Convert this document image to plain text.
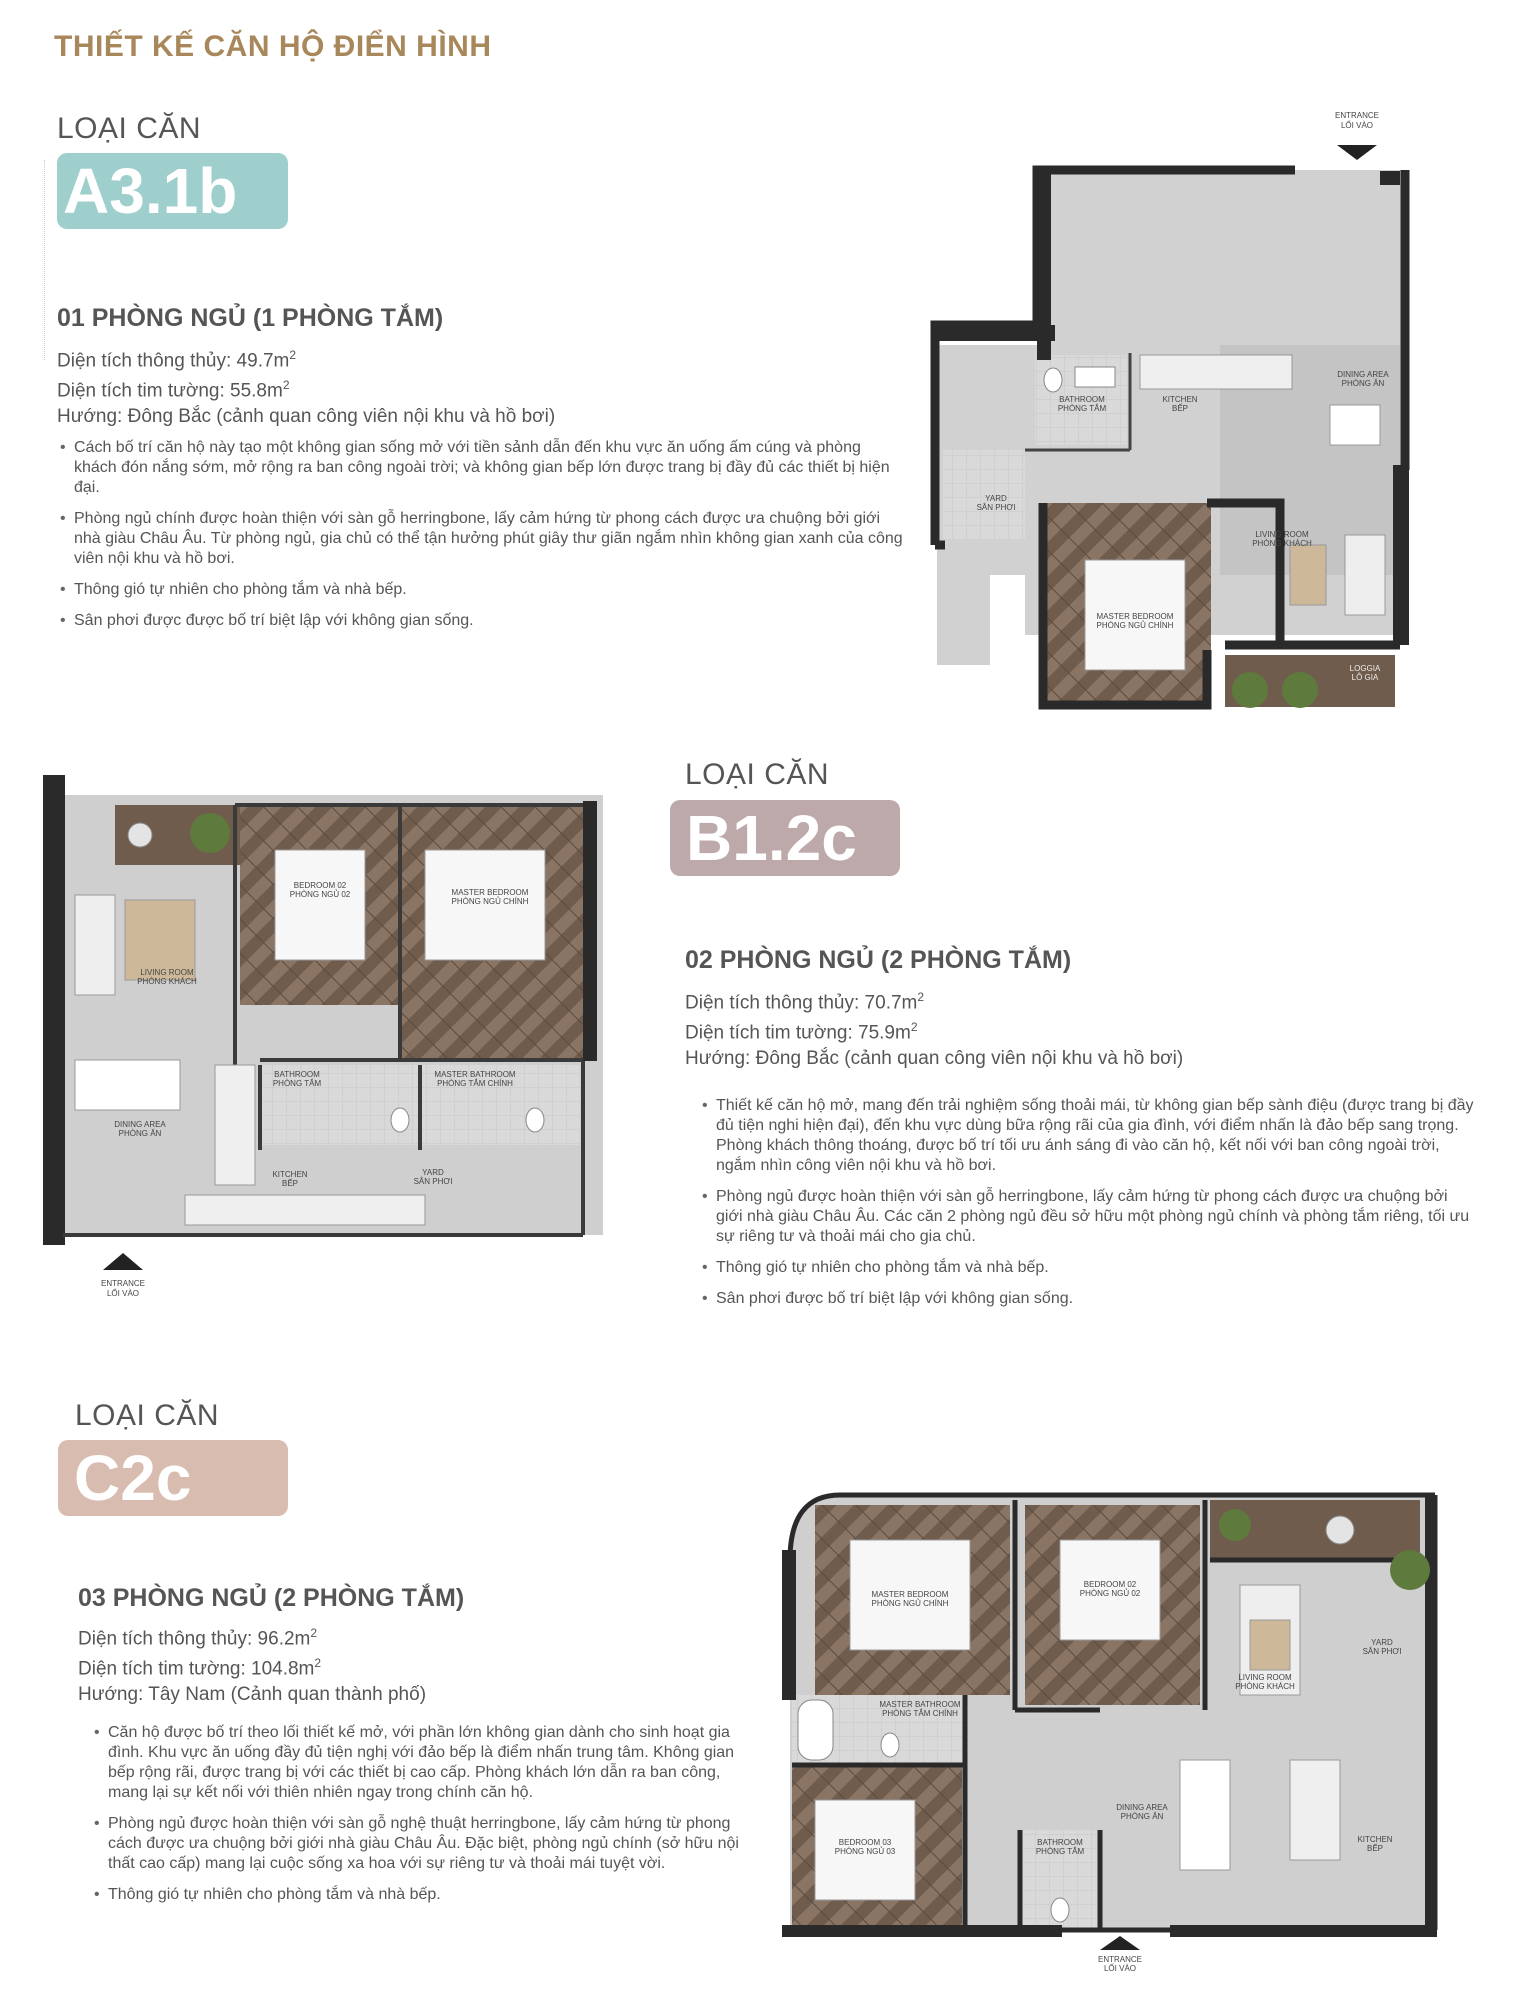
THIẾT KẾ CĂN HỘ ĐIỂN HÌNH
LOẠI CĂN
A3.1b
01 PHÒNG NGỦ (1 PHÒNG TẮM)
Diện tích thông thủy: $49.7m^2$
Diện tích tim tường: $55.8m^2$
Hướng: Đông Bắc (cảnh quan công viên nội khu và hồ bơi)
• Cách bố trí căn hộ này tạo một không gian sống mở với tiền sảnh dẫn đến khu vực ăn uống ấm cúng và phòng khách đón nắng sớm, mở rộng ra ban công ngoài trời; và không gian bếp lớn được trang bị đầy đủ các thiết bị hiện đại.
• Phòng ngủ chính được hoàn thiện với sàn gỗ herringbone, lấy cảm hứng từ phong cách được ưa chuộng bởi giới nhà giàu Châu Âu. Từ phòng ngủ, gia chủ có thể tận hưởng phút giây thư giãn ngắm nhìn không gian xanh của công viên nội khu và hồ bơi.
• Thông gió tự nhiên cho phòng tắm và nhà bếp.
• Sân phơi được được bố trí biệt lập với không gian sống.
ENTRANCE
LỐI VÀO
BATHROOM
PHÒNG TẮM
KITCHEN
BẾP
DINING AREA
PHÒNG ĂN
YARD
SÂN PHƠI
LIVING ROOM
PHÒNG KHÁCH
MASTER BEDROOM
PHÒNG NGỦ CHÍNH
LOGGIA
LÔ GIA
BEDROOM 02
PHÒNG NGỦ 02	MASTER BEDROOM
PHÒNG NGỦ CHÍNH
LIVING ROOM
PHÒNG KHÁCH
BATHROOM
PHÒNG TẮM
MASTER BATHROOM
PHÒNG TẮM CHÍNH
DINING AREA
PHÒNG ĂN
KITCHEN
BẾP
YARD
SÂN PHƠI
ENTRANCE
LỐI VÀO
LOẠI CĂN
B1.2c
02 PHÒNG NGỦ (2 PHÒNG TẮM)
Diện tích thông thủy: $70.7m^2$
Diện tích tim tường: $75.9m^2$
Hướng: Đông Bắc (cảnh quan công viên nội khu và hồ bơi)
• Thiết kế căn hộ mở, mang đến trải nghiệm sống thoải mái, từ không gian bếp sành điệu (được trang bị đầy đủ tiện nghi hiện đại), đến khu vực dùng bữa rộng rãi của gia đình, với điểm nhấn là đảo bếp sang trọng. Phòng khách thông thoáng, được bố trí tối ưu ánh sáng đi vào căn hộ, kết nối với ban công ngoài trời, ngắm nhìn công viên nội khu và hồ bơi.
• Phòng ngủ được hoàn thiện với sàn gỗ herringbone, lấy cảm hứng từ phong cách được ưa chuộng bởi giới nhà giàu Châu Âu. Các căn 2 phòng ngủ đều sở hữu một phòng ngủ chính và phòng tắm riêng, tối ưu sự riêng tư và thoải mái cho gia chủ.
• Thông gió tự nhiên cho phòng tắm và nhà bếp.
• Sân phơi được bố trí biệt lập với không gian sống.
LOẠI CĂN
C2c
03 PHÒNG NGỦ (2 PHÒNG TẮM)
Diện tích thông thủy: $96.2m^2$
Diện tích tim tường: $104.8m^2$
Hướng: Tây Nam (Cảnh quan thành phố)
• Căn hộ được bố trí theo lối thiết kế mở, với phần lớn không gian dành cho sinh hoạt gia đình. Khu vực ăn uống đầy đủ tiện nghị với đảo bếp là điểm nhấn trung tâm. Không gian bếp rộng rãi, được trang bị với các thiết bị cao cấp. Phòng khách lớn dẫn ra ban công, mang lại sự kết nối với thiên nhiên ngay trong chính căn hộ.
• Phòng ngủ được hoàn thiện với sàn gỗ nghệ thuật herringbone, lấy cảm hứng từ phong cách được ưa chuộng bởi giới nhà giàu Châu Âu. Đặc biệt, phòng ngủ chính (sở hữu nội thất cao cấp) mang lại cuộc sống xa hoa với sự riêng tư và thoải mái tuyệt vời.
• Thông gió tự nhiên cho phòng tắm và nhà bếp.
MASTER BEDROOM
PHÒNG NGỦ CHÍNH
BEDROOM 02
PHÒNG NGỦ 02
MASTER BATHROOM
PHÒNG TẮM CHÍNH
LIVING ROOM
PHÒNG KHÁCH
YARD
SÂN PHƠI
DINING AREA
PHÒNG ĂN
BEDROOM 03
PHÒNG NGỦ 03
BATHROOM
PHÒNG TẮM
KITCHEN
BẾP
ENTRANCE
LỐI VÀO
